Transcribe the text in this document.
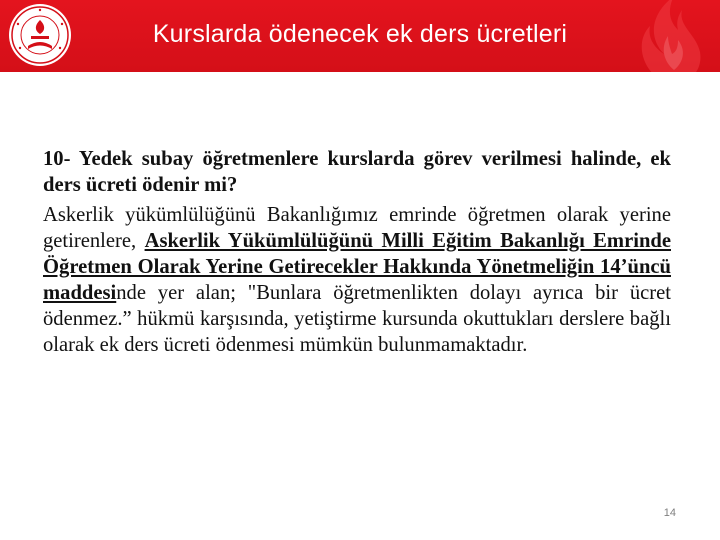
Kurslarda ödenecek ek ders ücretleri

10- Yedek subay öğretmenlere kurslarda görev verilmesi halinde, ek ders ücreti ödenir mi?

Askerlik yükümlülüğünü Bakanlığımız emrinde öğretmen olarak yerine getirenlere, Askerlik Yükümlülüğünü Milli Eğitim Bakanlığı Emrinde Öğretmen Olarak Yerine Getirecekler Hakkında Yönetmeliğin 14’üncü maddesinde yer alan; "Bunlara öğretmenlikten dolayı ayrıca bir ücret ödenmez.” hükmü karşısında, yetiştirme kursunda okuttukları derslere bağlı olarak ek ders ücreti ödenmesi mümkün bulunmamaktadır.

14
